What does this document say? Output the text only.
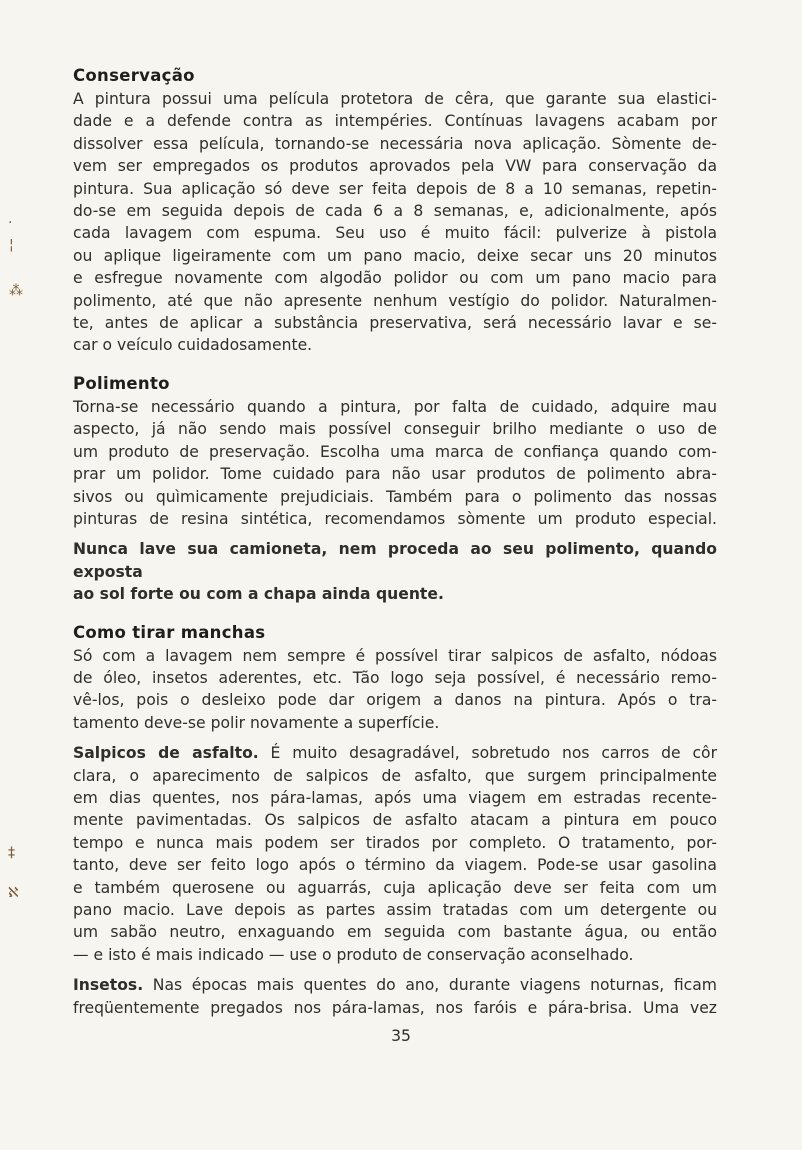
Conservação

A pintura possui uma película protetora de cêra, que garante sua elastici-
dade e a defende contra as intempéries. Contínuas lavagens acabam por
dissolver essa película, tornando-se necessária nova aplicação. Sòmente de-
vem ser empregados os produtos aprovados pela VW para conservação da
pintura. Sua aplicação só deve ser feita depois de 8 a 10 semanas, repetin-
do-se em seguida depois de cada 6 a 8 semanas, e, adicionalmente, após
cada lavagem com espuma. Seu uso é muito fácil: pulverize à pistola
ou aplique ligeiramente com um pano macio, deixe secar uns 20 minutos
e esfregue novamente com algodão polidor ou com um pano macio para
polimento, até que não apresente nenhum vestígio do polidor. Naturalmen-
te, antes de aplicar a substância preservativa, será necessário lavar e se-
car o veículo cuidadosamente.

Polimento

Torna-se necessário quando a pintura, por falta de cuidado, adquire mau
aspecto, já não sendo mais possível conseguir brilho mediante o uso de
um produto de preservação. Escolha uma marca de confiança quando com-
prar um polidor. Tome cuidado para não usar produtos de polimento abra-
sivos ou quìmicamente prejudiciais. Também para o polimento das nossas
pinturas de resina sintética, recomendamos sòmente um produto especial.

Nunca lave sua camioneta, nem proceda ao seu polimento, quando exposta
ao sol forte ou com a chapa ainda quente.

Como tirar manchas

Só com a lavagem nem sempre é possível tirar salpicos de asfalto, nódoas
de óleo, insetos aderentes, etc. Tão logo seja possível, é necessário remo-
vê-los, pois o desleixo pode dar origem a danos na pintura. Após o tra-
tamento deve-se polir novamente a superfície.

Salpicos de asfalto. É muito desagradável, sobretudo nos carros de côr
clara, o aparecimento de salpicos de asfalto, que surgem principalmente
em dias quentes, nos pára-lamas, após uma viagem em estradas recente-
mente pavimentadas. Os salpicos de asfalto atacam a pintura em pouco
tempo e nunca mais podem ser tirados por completo. O tratamento, por-
tanto, deve ser feito logo após o término da viagem. Pode-se usar gasolina
e também querosene ou aguarrás, cuja aplicação deve ser feita com um
pano macio. Lave depois as partes assim tratadas com um detergente ou
um sabão neutro, enxaguando em seguida com bastante água, ou então
— e isto é mais indicado — use o produto de conservação aconselhado.

Insetos. Nas épocas mais quentes do ano, durante viagens noturnas, ficam
freqüentemente pregados nos pára-lamas, nos faróis e pára-brisa. Uma vez

35
·
¦
⁂
‡
ℵ
